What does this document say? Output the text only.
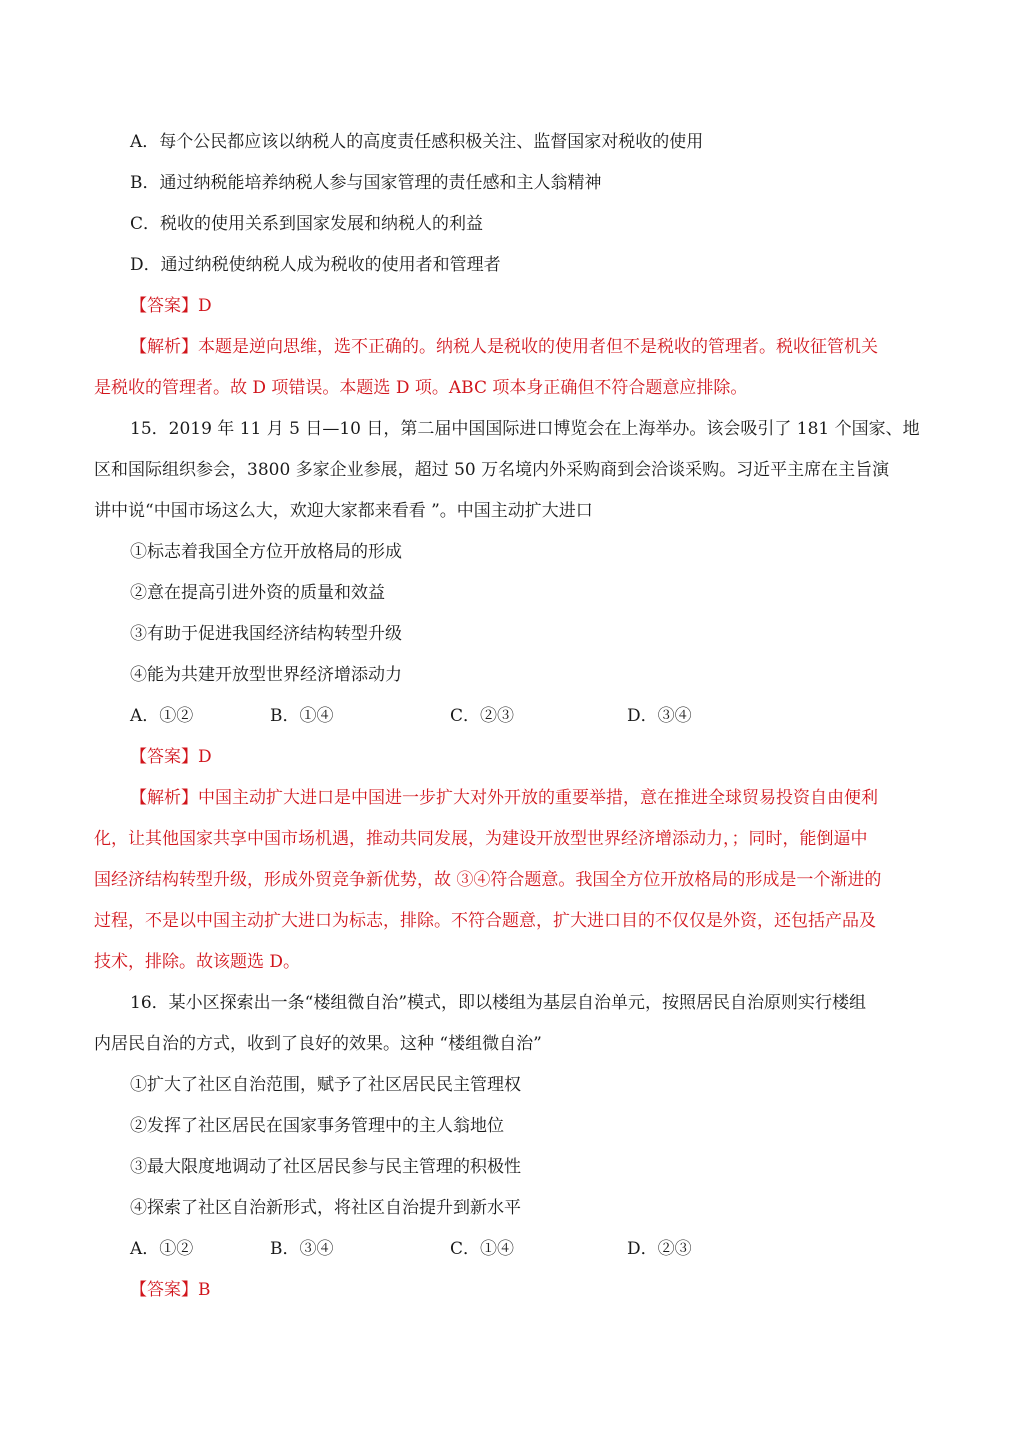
A．每个公民都应该以纳税人的高度责任感积极关注、监督国家对税收的使用
B．通过纳税能培养纳税人参与国家管理的责任感和主人翁精神
C．税收的使用关系到国家发展和纳税人的利益
D．通过纳税使纳税人成为税收的使用者和管理者
【答案】D
【解析】本题是逆向思维，选不正确的。纳税人是税收的使用者但不是税收的管理者。税收征管机关
是税收的管理者。故 D 项错误。本题选 D 项。ABC 项本身正确但不符合题意应排除。
15．2019 年 11 月 5 日—10 日，第二届中国国际进口博览会在上海举办。该会吸引了 181 个国家、地
区和国际组织参会，3800 多家企业参展，超过 50 万名境内外采购商到会洽谈采购。习近平主席在主旨演
讲中说“中国市场这么大，欢迎大家都来看看 ”。中国主动扩大进口
①标志着我国全方位开放格局的形成
②意在提高引进外资的质量和效益
③有助于促进我国经济结构转型升级
④能为共建开放型世界经济增添动力
A．①②	B．①④	C．②③	D．③④
【答案】D
【解析】中国主动扩大进口是中国进一步扩大对外开放的重要举措，意在推进全球贸易投资自由便利
化，让其他国家共享中国市场机遇，推动共同发展，为建设开放型世界经济增添动力，；同时，能倒逼中
国经济结构转型升级，形成外贸竞争新优势，故 ③④符合题意。我国全方位开放格局的形成是一个渐进的
过程，不是以中国主动扩大进口为标志，排除。不符合题意，扩大进口目的不仅仅是外资，还包括产品及
技术，排除。故该题选 D。
16．某小区探索出一条“楼组微自治”模式，即以楼组为基层自治单元，按照居民自治原则实行楼组
内居民自治的方式，收到了良好的效果。这种 “楼组微自治”
①扩大了社区自治范围，赋予了社区居民民主管理权
②发挥了社区居民在国家事务管理中的主人翁地位
③最大限度地调动了社区居民参与民主管理的积极性
④探索了社区自治新形式，将社区自治提升到新水平
A．①②	B．③④	C．①④	D．②③
【答案】B
